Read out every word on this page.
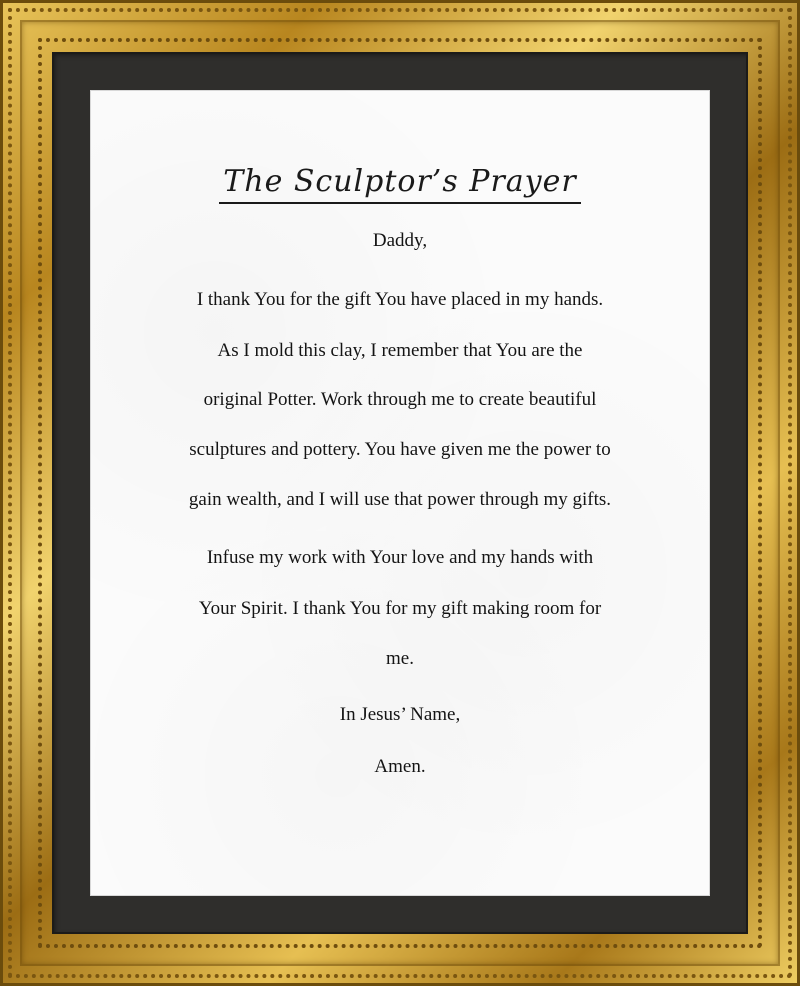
The Sculptor’s Prayer
Daddy,
I thank You for the gift You have placed in my hands.
As I mold this clay, I remember that You are the
original Potter. Work through me to create beautiful
sculptures and pottery. You have given me the power to
gain wealth, and I will use that power through my gifts.
Infuse my work with Your love and my hands with
Your Spirit. I thank You for my gift making room for
me.
In Jesus’ Name,
Amen.
